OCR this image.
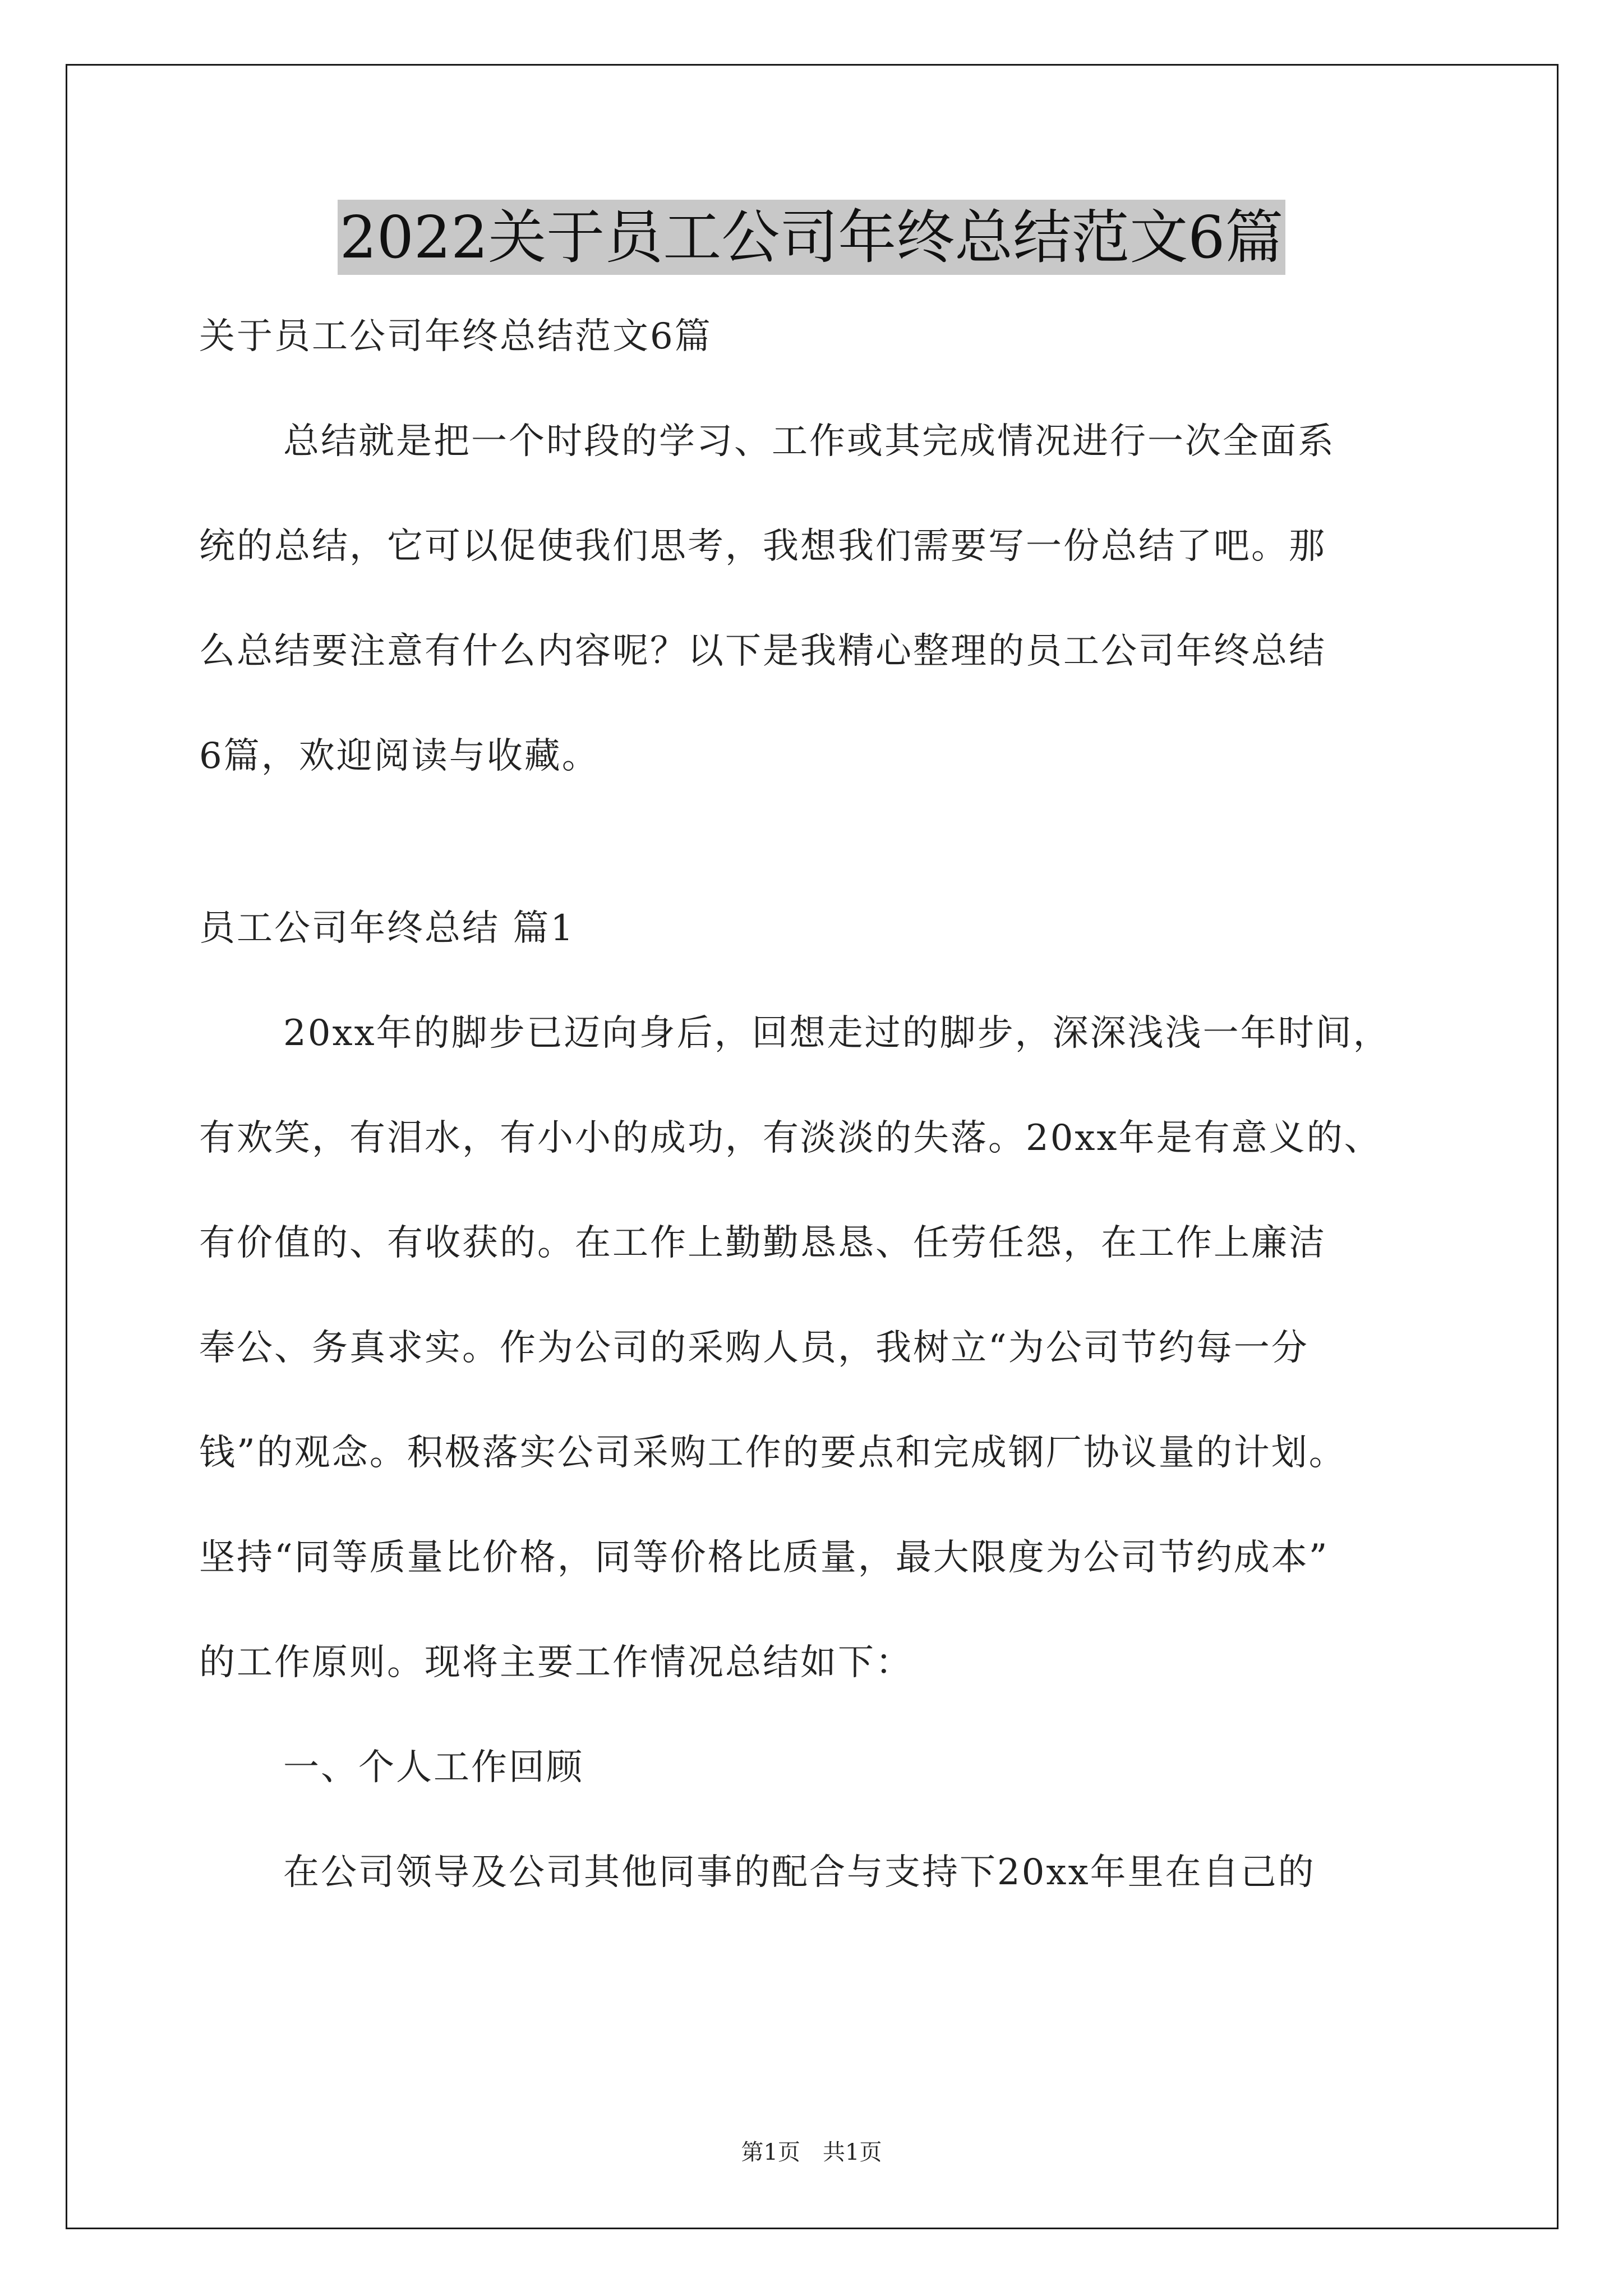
2022关于员工公司年终总结范文6篇
关于员工公司年终总结范文6篇
总结就是把一个时段的学习、工作或其完成情况进行一次全面系
统的总结，它可以促使我们思考，我想我们需要写一份总结了吧。那
么总结要注意有什么内容呢？以下是我精心整理的员工公司年终总结
6篇，欢迎阅读与收藏。
员工公司年终总结 篇1
20xx年的脚步已迈向身后，回想走过的脚步，深深浅浅一年时间，
有欢笑，有泪水，有小小的成功，有淡淡的失落。20xx年是有意义的、
有价值的、有收获的。在工作上勤勤恳恳、任劳任怨，在工作上廉洁
奉公、务真求实。作为公司的采购人员，我树立“为公司节约每一分
钱”的观念。积极落实公司采购工作的要点和完成钢厂协议量的计划。
坚持“同等质量比价格，同等价格比质量，最大限度为公司节约成本”
的工作原则。现将主要工作情况总结如下：
一、个人工作回顾
在公司领导及公司其他同事的配合与支持下20xx年里在自己的
第1页　共1页
